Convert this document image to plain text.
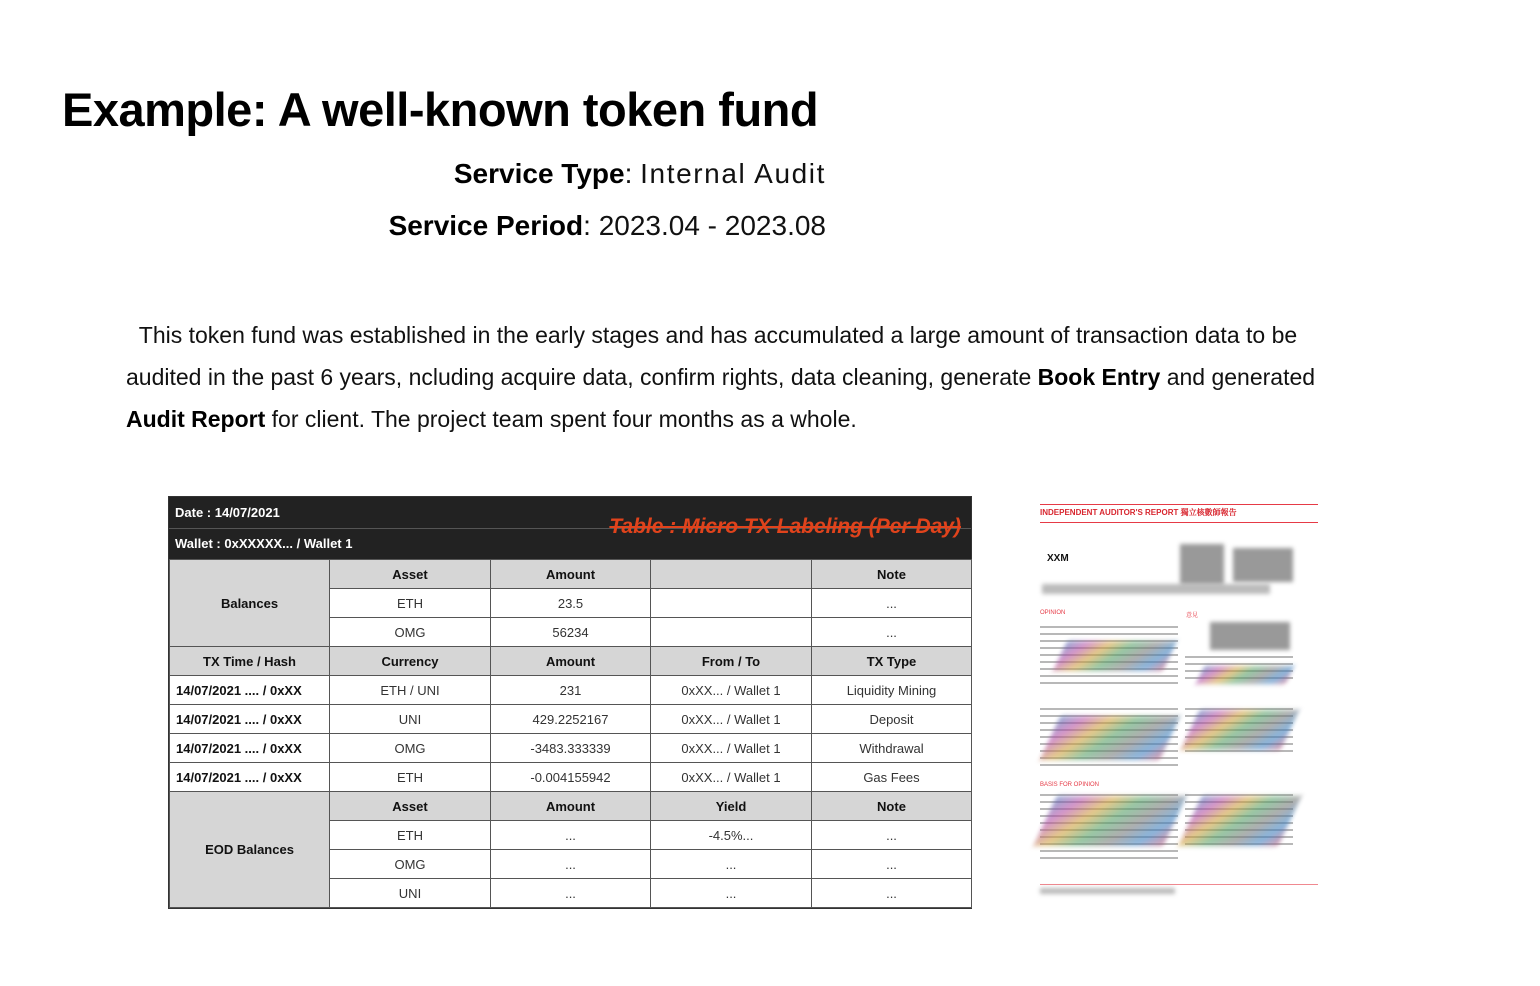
Example: A well-known token fund
Service Type: Internal Audit
Service Period: 2023.04 - 2023.08
This token fund was established in the early stages and has accumulated a large amount of transaction data to be audited in the past 6 years, ncluding acquire data, confirm rights, data cleaning, generate Book Entry and generated
Audit Report for client. The project team spent four months as a whole.
Date : 14/07/2021
Wallet : 0xXXXXX... / Wallet 1
Table : Micro TX Labeling (Per Day)
Balances	Asset	Amount		Note
	ETH	23.5		...
	OMG	56234		...
TX Time / Hash	Currency	Amount	From / To	TX Type
14/07/2021 .... / 0xXX	ETH / UNI	231	0xXX... / Wallet 1	Liquidity Mining
14/07/2021 .... / 0xXX	UNI	429.2252167	0xXX... / Wallet 1	Deposit
14/07/2021 .... / 0xXX	OMG	-3483.333339	0xXX... / Wallet 1	Withdrawal
14/07/2021 .... / 0xXX	ETH	-0.004155942	0xXX... / Wallet 1	Gas Fees
EOD Balances	Asset	Amount	Yield	Note
	ETH	...	-4.5%...	...
	OMG	...	...	...
	UNI	...	...	...
INDEPENDENT AUDITOR'S REPORT 獨立核數師報告
XXM
OPINION	意見
BASIS FOR OPINION
